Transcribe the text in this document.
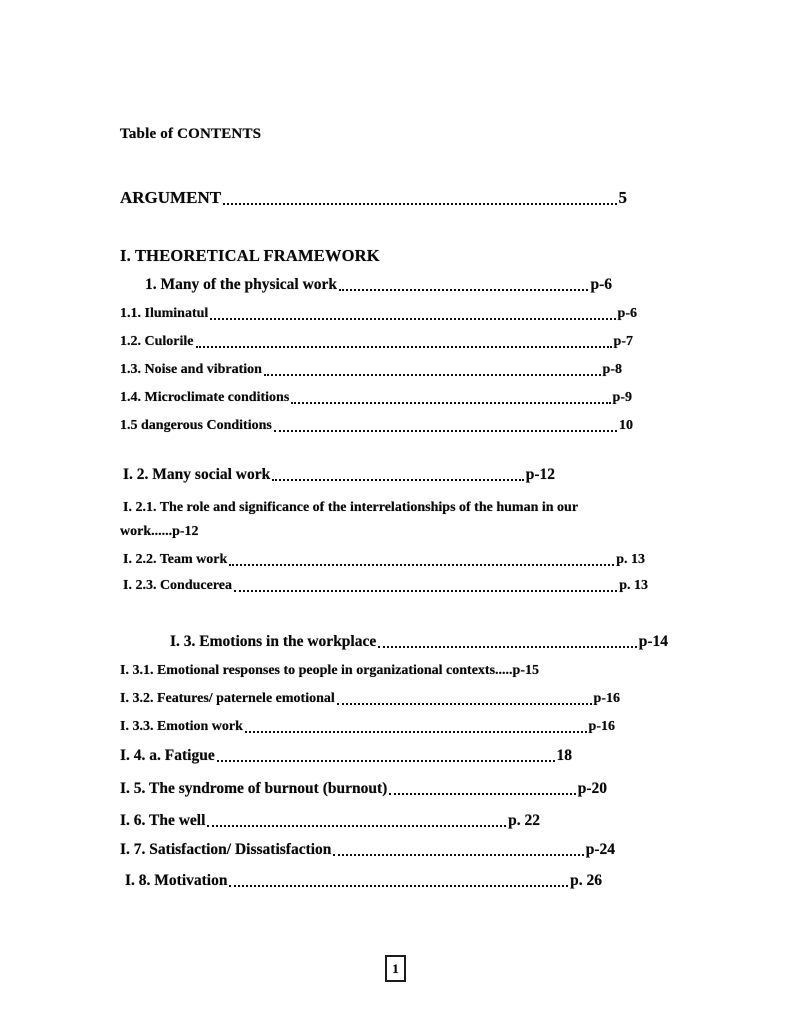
Table of CONTENTS
ARGUMENT	5
I. THEORETICAL FRAMEWORK
1. Many of the physical work	p-6
1.1. Iluminatul	p-6
1.2. Culorile	p-7
1.3. Noise and vibration	p-8
1.4. Microclimate conditions	p-9
1.5 dangerous Conditions	10
I. 2. Many social work	p-12
I. 2.1. The role and significance of the interrelationships of the human in our
work......p-12
I. 2.2. Team work	p. 13
I. 2.3. Conducerea	p. 13
I. 3. Emotions in the workplace	p-14
I. 3.1. Emotional responses to people in organizational contexts.....p-15
I. 3.2. Features/ paternele emotional	p-16
I. 3.3. Emotion work	p-16
I. 4. a. Fatigue	18
I. 5. The syndrome of burnout (burnout)	p-20
I. 6. The well	p. 22
I. 7. Satisfaction/ Dissatisfaction	p-24
I. 8. Motivation	p. 26
1
